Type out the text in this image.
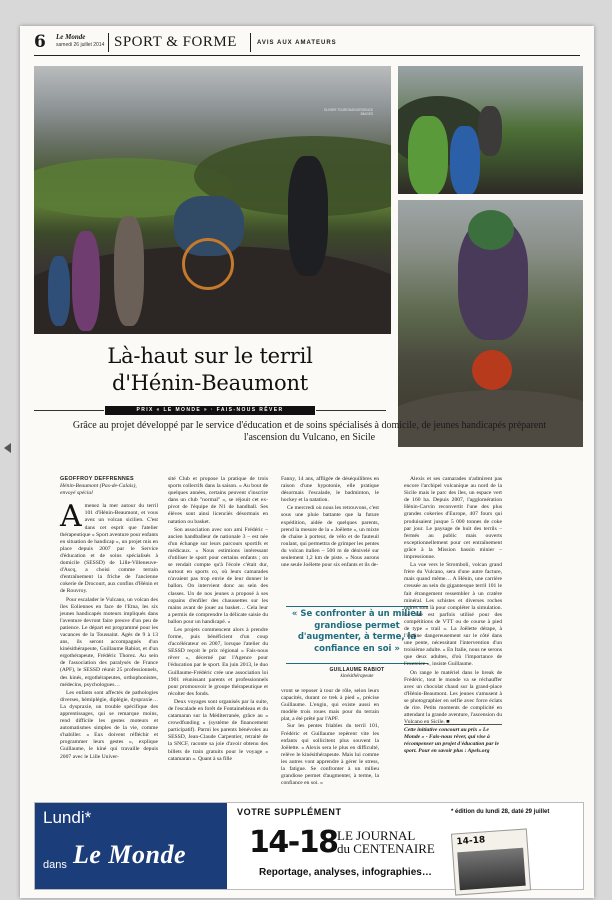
6 Le Monde
samedi 26 juillet 2014 SPORT & FORME	AVIS AUX AMATEURS
OLIVIER TOURON/DIVERGENCE IMAGES
Là-haut sur le terril
d'Hénin-Beaumont
PRIX « LE MONDE » · FAIS-NOUS RÊVER
Grâce au projet développé par le service d'éducation et de soins spécialisés à domicile, de jeunes handicapés préparent l'ascension du Vulcano, en Sicile
GEOFFROY DEFFRENNES
Hénin-Beaumont (Pas-de-Calais),
envoyé spécial

Amenez la mer autour du terril 101 d'Hénin-Beaumont, et vous avez un volcan sicilien. C'est dans cet esprit que l'atelier thérapeutique « Sport aventure pour enfants en situation de handicap », un projet mis en place depuis 2007 par le Service d'éducation et de soins spécialisés à domicile (SESSD) de Lille-Villeneuve-d'Ascq, a choisi comme terrain d'entraînement la friche de l'ancienne cokerie de Drocourt, aux confins d'Hénin et de Rouvroy.

Pour escalader le Vulcano, un volcan des îles Eoliennes en face de l'Etna, les six jeunes handicapés moteurs impliqués dans l'aventure devront faire preuve d'un peu de patience. Le départ est programmé pour les vacances de la Toussaint. Agés de 9 à 13 ans, ils seront accompagnés d'un kinésithérapeute, Guillaume Rabiot, et d'un ergothérapeute, Frédéric Thorez. Au sein de l'association des paralysés de France (APF), le SESSD réunit 25 professionnels, des kinés, ergothérapeutes, orthophonistes, médecins, psychologues…

Les enfants sont affectés de pathologies diverses, hémiplégie, diplégie, dyspraxie… La dyspraxie, un trouble spécifique des apprentissages, qui se remarque moins, rend difficile les gestes moteurs et automatismes simples de la vie, comme s'habiller. « Eux doivent réfléchir et programmer leurs gestes », explique Guillaume, le kiné qui travaille depuis 2007 avec le Lille Univer-

sité Club et propose la pratique de trois sports collectifs dans la saison. « Au bout de quelques années, certains peuvent s'inscrire dans un club "normal" », se réjouit cet ex-pivot de l'équipe de N1 de handball. Ses élèves sont ainsi licenciés désormais en natation ou basket.

Son association avec son ami Frédéric – ancien handballeur de nationale 3 – est née d'un échange sur leurs parcours sportifs et médicaux. « Nous estimions intéressant d'utiliser le sport pour certains enfants ; on se rendait compte qu'à l'école c'était dur, surtout en sports co, où leurs camarades n'avaient pas trop envie de leur donner le ballon. On intervient donc au sein des classes. Un de nos jeunes a proposé à ses copains d'enfiler des chaussettes sur les mains avant de jouer au basket… Cela leur a permis de comprendre la délicate saisie du ballon pour un handicapé. »

Les projets commencent alors à prendre forme, puis bénéficient d'un coup d'accélérateur en 2007, lorsque l'atelier du SESSD reçoit le prix régional « Fais-nous rêver », décerné par l'Agence pour l'éducation par le sport. En juin 2013, le duo Guillaume-Frédéric crée une association loi 1901 réunissant parents et professionnels pour promouvoir le groupe thérapeutique et récolter des fonds.

Deux voyages sont organisés par la suite, de l'escalade en forêt de Fontainebleau et du catamaran sur la Méditerranée, grâce au « crowdfunding » (système de financement participatif). Parmi les parents bénévoles au SESSD, Jean-Claude Carpentier, retraité de la SNCF, raconte sa joie d'avoir obtenu des billets de train gratuits pour le voyage « catamaran ». Quant à sa fille

Fanny, 14 ans, affligée de déséquilibres en raison d'une hypotonie, elle pratique désormais l'escalade, le badminton, le hockey et la natation.

Ce mercredi où nous les retrouvons, c'est sous une pluie battante que la future expédition, aidée de quelques parents, prend la mesure de la « Joëlette », un mixte de chaise à porteur, de vélo et de fauteuil roulant, qui permettra de grimper les pentes du volcan italien – 500 m de dénivelé sur seulement 1,2 km de piste. « Nous aurons une seule Joëlette pour six enfants et ils de-

« Se confronter à un milieu grandiose permet d'augmenter, à terme, la confiance en soi »
GUILLAUME RABIOT
kinésithérapeute

vront se reposer à tour de rôle, selon leurs capacités, durant ce trek à pied », précise Guillaume. L'engin, qui existe aussi en modèle trois roues mais pour du terrain plat, a été prêté par l'APF.

Sur les pentes friables du terril 101, Frédéric et Guillaume repèrent vite les enfants qui sollicitent plus souvent la Joëlette. « Alexis sera le plus en difficulté, relève le kinésithérapeute. Mais lui comme les autres vont apprendre à gérer le stress, la fatigue. Se confronter à un milieu grandiose permet d'augmenter, à terme, la confiance en soi. »

Alexis et ses camarades n'admirent pas encore l'archipel volcanique au nord de la Sicile mais le parc des îles, un espace vert de 160 ha. Depuis 2007, l'agglomération Hénin-Carvin reconvertit l'une des plus grandes cokeries d'Europe, 407 fours qui produisaient jusque 5 000 tonnes de coke par jour. Le paysage de huit des terrils – fermés au public mais ouverts exceptionnellement pour cet entraînement grâce à la Mission bassin minier – impressionne.

La vue vers le Stromboli, volcan grand frère du Vulcano, sera d'une autre facture, mais quand même… A Hénin, une carrière creusée au sein du gigantesque terril 101 le fait étrangement ressembler à un cratère minéral. Les schistes et diverses roches noires sont là pour compléter la simulation. Le site est parfois utilisé pour des compétitions de VTT ou de course à pied de type « trail ». La Joëlette dérape, à l'incline dangereusement sur le côté dans une pente, nécessitant l'intervention d'un troisième adulte. « En Italie, nous ne serons que deux adultes, d'où l'importance de l'exercice », insiste Guillaume.

On range le matériel dans le break de Frédéric, tout le monde va se réchauffer avec un chocolat chaud sur la grand-place d'Hénin-Beaumont. Les jeunes s'amusent à se photographier en selfie avec force éclats de rire. Petits moments de complicité en attendant la grande aventure, l'ascension du Vulcano en Sicile. ■

Cette initiative concourt au prix « Le Monde » - Fais-nous rêver, qui vise à récompenser un projet d'éducation par le sport. Pour en savoir plus : Apels.org
Lundi*
dans Le Monde
VOTRE SUPPLÉMENT
14-18 LE JOURNAL
du CENTENAIRE
Reportage, analyses, infographies…
* édition du lundi 28, daté 29 juillet
14-18
